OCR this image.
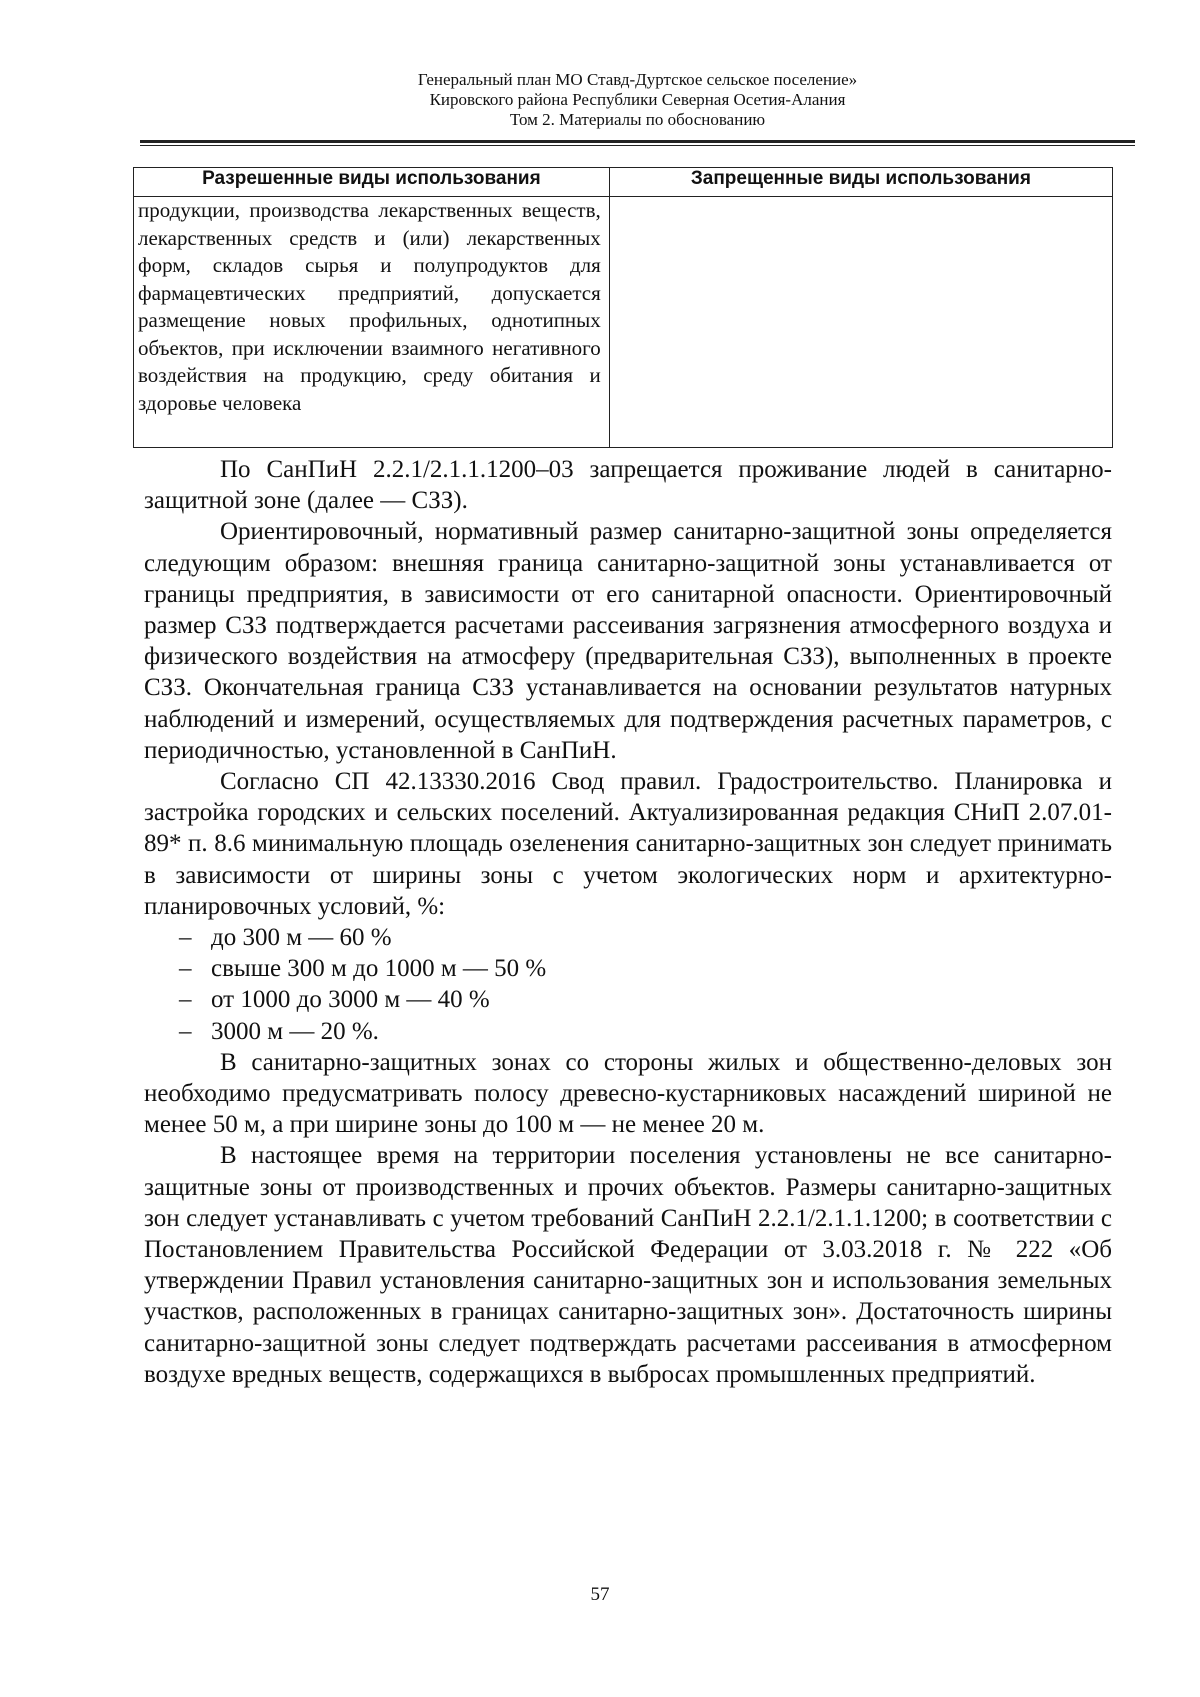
Генеральный план МО Ставд-Дуртское сельское поселение»
Кировского района Республики Северная Осетия-Алания
Том 2. Материалы по обоснованию
Разрешенные виды использования	Запрещенные виды использования
продукции, производства лекарственных веществ, лекарственных средств и (или) лекарственных форм, складов сырья и полупродуктов для фармацевтических предприятий, допускается размещение новых профильных, однотипных объектов, при исключении взаимного негативного воздействия на продукцию, среду обитания и здоровье человека	

По СанПиН 2.2.1/2.1.1.1200–03 запрещается проживание людей в санитарно-защитной зоне (далее — СЗЗ).

Ориентировочный, нормативный размер санитарно-защитной зоны определяется следующим образом: внешняя граница санитарно-защитной зоны устанавливается от границы предприятия, в зависимости от его санитарной опасности. Ориентировочный размер СЗЗ подтверждается расчетами рассеивания загрязнения атмосферного воздуха и физического воздействия на атмосферу (предварительная СЗЗ), выполненных в проекте СЗЗ. Окончательная граница СЗЗ устанавливается на основании результатов натурных наблюдений и измерений, осуществляемых для подтверждения расчетных параметров, с периодичностью, установленной в СанПиН.

Согласно СП 42.13330.2016 Свод правил. Градостроительство. Планировка и застройка городских и сельских поселений. Актуализированная редакция СНиП 2.07.01-89* п. 8.6 минимальную площадь озеленения санитарно-защитных зон следует принимать в зависимости от ширины зоны с учетом экологических норм и архитектурно-планировочных условий, %:

– до 300 м — 60 %
– свыше 300 м до 1000 м — 50 %
– от 1000 до 3000 м — 40 %
– 3000 м — 20 %.

В санитарно-защитных зонах со стороны жилых и общественно-деловых зон необходимо предусматривать полосу древесно-кустарниковых насаждений шириной не менее 50 м, а при ширине зоны до 100 м — не менее 20 м.

В настоящее время на территории поселения установлены не все санитарно-защитные зоны от производственных и прочих объектов. Размеры санитарно-защитных зон следует устанавливать с учетом требований СанПиН 2.2.1/2.1.1.1200; в соответствии с Постановлением Правительства Российской Федерации от 3.03.2018 г. № 222 «Об утверждении Правил установления санитарно-защитных зон и использования земельных участков, расположенных в границах санитарно-защитных зон». Достаточность ширины санитарно-защитной зоны следует подтверждать расчетами рассеивания в атмосферном воздухе вредных веществ, содержащихся в выбросах промышленных предприятий.

57
